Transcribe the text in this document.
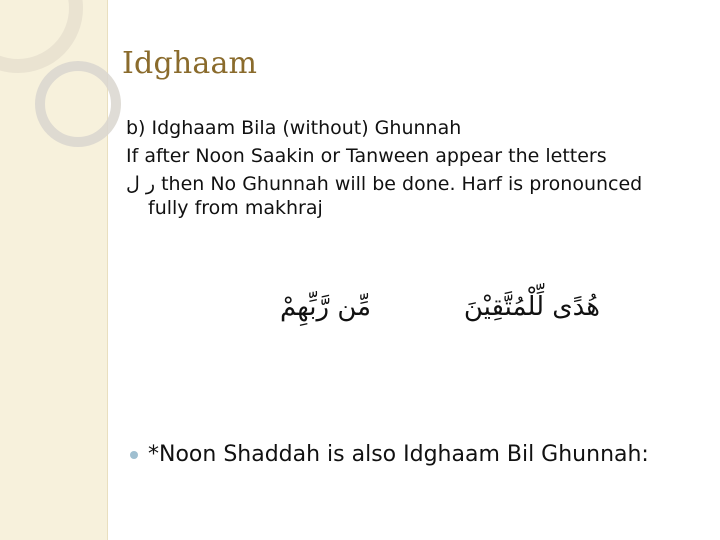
Idghaam

b) Idghaam Bila (without) Ghunnah

If after Noon Saakin or Tanween appear the letters

ر ل then No Ghunnah will be done. Harf is pronounced fully from makhraj

هُدًى لِّلْمُتَّقِيْنَ
مِّن رَّبِّهِمْ
*Noon Shaddah is also Idghaam Bil Ghunnah:
